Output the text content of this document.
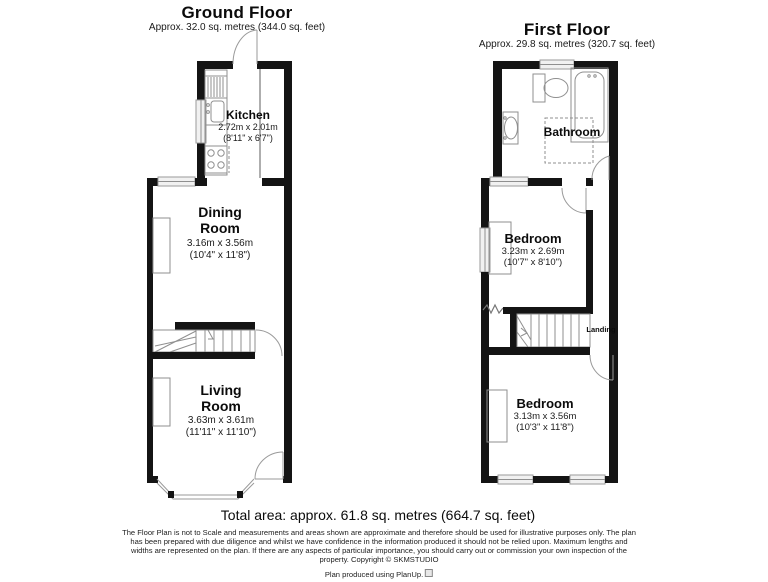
Ground Floor
Approx. 32.0 sq. metres (344.0 sq. feet)	First Floor
Approx. 29.8 sq. metres (320.7 sq. feet)
Kitchen
2.72m x 2.01m
(8'11" x 6'7")
Dining
Room
3.16m x 3.56m
(10'4" x 11'8")
Living
Room
3.63m x 3.61m
(11'11" x 11'10")
Bathroom
Bedroom
3.23m x 2.69m
(10'7" x 8'10")
Landing
Bedroom
3.13m x 3.56m
(10'3" x 11'8")
Total area: approx. 61.8 sq. metres (664.7 sq. feet)
The Floor Plan is not to Scale and measurements and areas shown are approximate and therefore should be used for illustrative purposes only. The plan
has been prepared with due diligence and whilst we have confidence in the information produced it should not be relied upon. Maximum lengths and
widths are represented on the plan. If there are any aspects of particular importance, you should carry out or commission your own inspection of the
property. Copyright © SKMSTUDIO
Plan produced using PlanUp.
